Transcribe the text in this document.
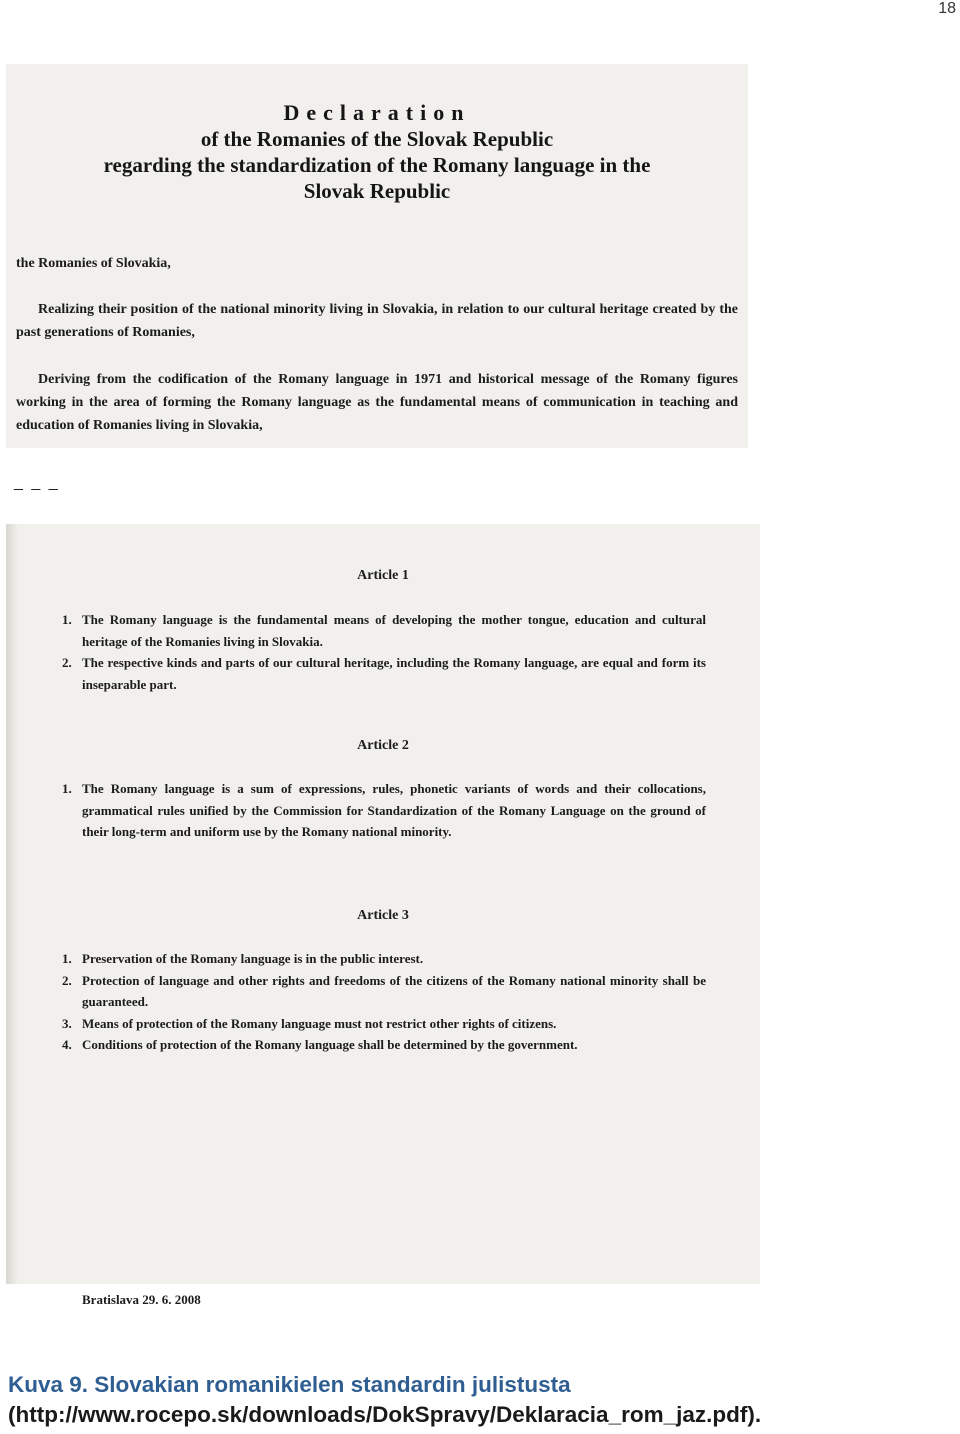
18
Declaration
of the Romanies of the Slovak Republic
regarding the standardization of the Romany language in the
Slovak Republic
the Romanies of Slovakia,
Realizing their position of the national minority living in Slovakia, in relation to our cultural heritage created by the past generations of Romanies,
Deriving from the codification of the Romany language in 1971 and historical message of the Romany figures working in the area of forming the Romany language as the fundamental means of communication in teaching and education of Romanies living in Slovakia,
_ _ _
Article 1
1. The Romany language is the fundamental means of developing the mother tongue, education and cultural heritage of the Romanies living in Slovakia.
2. The respective kinds and parts of our cultural heritage, including the Romany language, are equal and form its inseparable part.
Article 2
1. The Romany language is a sum of expressions, rules, phonetic variants of words and their collocations, grammatical rules unified by the Commission for Standardization of the Romany Language on the ground of their long-term and uniform use by the Romany national minority.
Article 3
1. Preservation of the Romany language is in the public interest.
2. Protection of language and other rights and freedoms of the citizens of the Romany national minority shall be guaranteed.
3. Means of protection of the Romany language must not restrict other rights of citizens.
4. Conditions of protection of the Romany language shall be determined by the government.
Bratislava 29. 6. 2008
Kuva 9. Slovakian romanikielen standardin julistusta
(http://www.rocepo.sk/downloads/DokSpravy/Deklaracia_rom_jaz.pdf).
